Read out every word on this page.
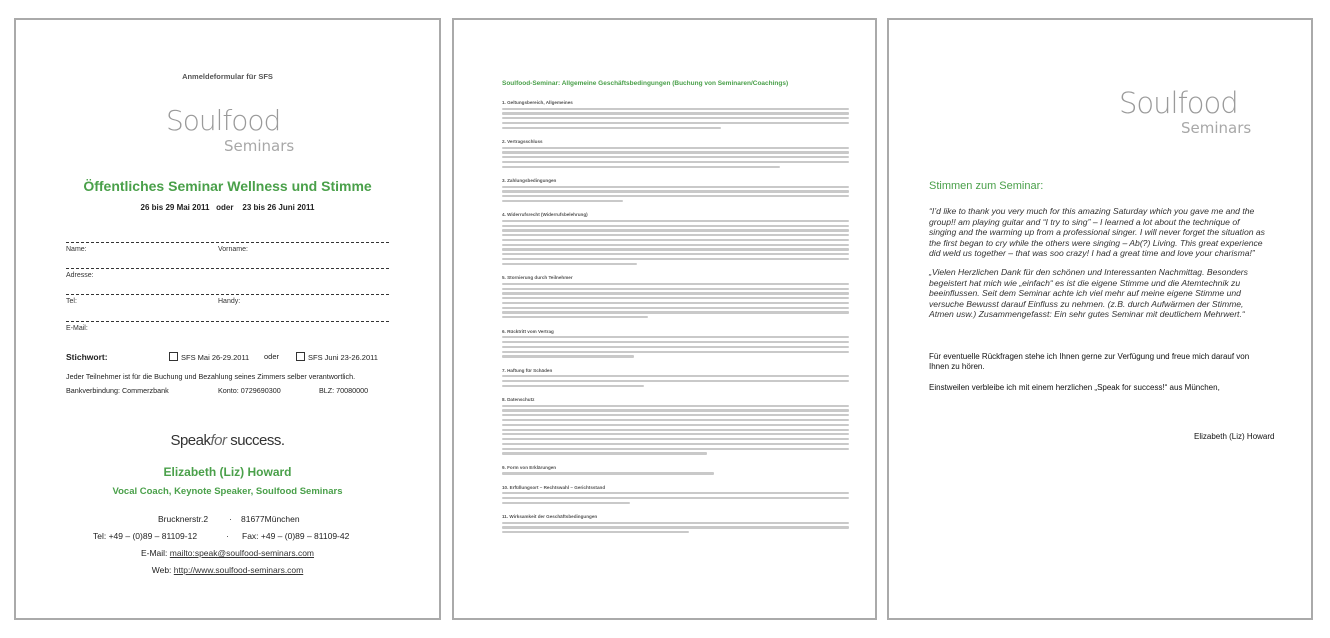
Anmeldeformular für SFS
Soulfood
Seminars
Öffentliches Seminar Wellness und Stimme
26 bis 29 Mai 2011   oder    23 bis 26 Juni 2011
Name:	Vorname:
Adresse:
Tel:	Handy:
E-Mail:
Stichwort:	SFS Mai 26-29.2011 oder	SFS Juni 23-26.2011
Jeder Teilnehmer ist für die Buchung und Bezahlung seines Zimmers selber verantwortlich.
Bankverbindung: Commerzbank	Konto: 0729690300	BLZ: 70080000
Speakfor success.
Elizabeth (Liz) Howard
Vocal Coach, Keynote Speaker, Soulfood Seminars
Brucknerstr.2 · 81677München
Tel: +49 – (0)89 – 81109-12	· Fax: +49 – (0)89 – 81109-42
E-Mail: mailto:speak@soulfood-seminars.com
Web: http://www.soulfood-seminars.com
Soulfood-Seminar: Allgemeine Geschäftsbedingungen (Buchung von Seminaren/Coachings)
1. Geltungsbereich, Allgemeines
2. Vertragsschluss
3. Zahlungsbedingungen
4. Widerrufsrecht (Widerrufsbelehrung)
5. Stornierung durch Teilnehmer
6. Rücktritt vom Vertrag
7. Haftung für Schäden
8. Datenschutz
9. Form von Erklärungen
10. Erfüllungsort – Rechtswahl – Gerichtsstand
11. Wirksamkeit der Geschäftsbedingungen
Soulfood
Seminars
Stimmen zum Seminar:
“I’d like to thank you very much for this amazing Saturday which you gave me and the group!! am playing guitar and “I try to sing” – I learned a lot about the technique of singing and the warming up from a professional singer. I will never forget the situation as the first began to cry while the others were singing – Ab(?) Living. This great experience did weld us together – that was soo crazy! I had a great time and love your charisma!”
„Vielen Herzlichen Dank für den schönen und Interessanten Nachmittag. Besonders begeistert hat mich wie „einfach“ es ist die eigene Stimme und die Atemtechnik zu beeinflussen. Seit dem Seminar achte ich viel mehr auf meine eigene Stimme und versuche Bewusst darauf Einfluss zu nehmen. (z.B. durch Aufwärmen der Stimme, Atmen usw.) Zusammengefasst: Ein sehr gutes Seminar mit deutlichem Mehrwert.“
Für eventuelle Rückfragen stehe ich Ihnen gerne zur Verfügung und freue mich darauf von Ihnen zu hören.
Einstweilen verbleibe ich mit einem herzlichen „Speak for success!“ aus München,
Elizabeth (Liz) Howard
